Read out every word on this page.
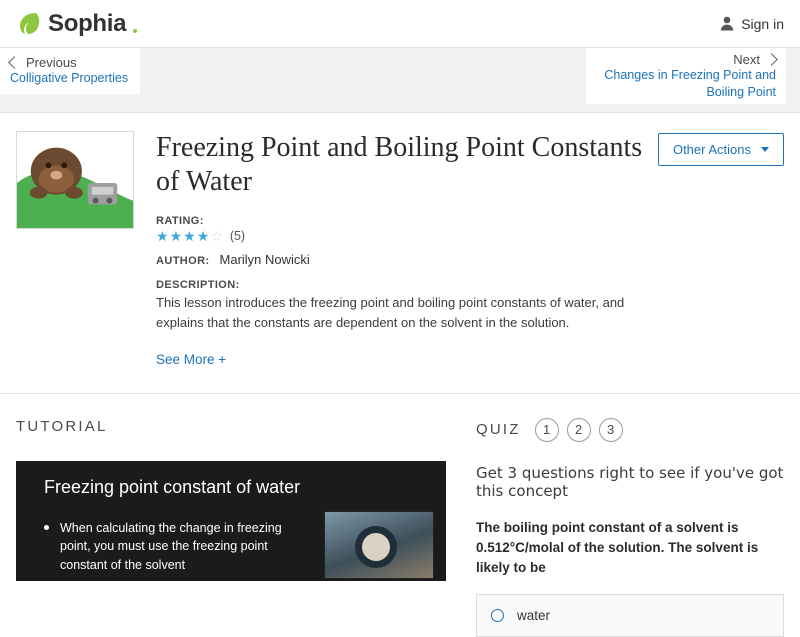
Sophia	Sign in
Previous
Colligative Properties
Next
Changes in Freezing Point and Boiling Point
Freezing Point and Boiling Point Constants of Water
RATING:
★ ★ ★ ★ ☆ (5)
AUTHOR: Marilyn Nowicki
DESCRIPTION:
This lesson introduces the freezing point and boiling point constants of water, and explains that the constants are dependent on the solvent in the solution.
See More +
Other Actions
TUTORIAL
Freezing point constant of water
When calculating the change in freezing point, you must use the freezing point constant of the solvent
QUIZ	1	2	3
Get 3 questions right to see if you've got this concept
The boiling point constant of a solvent is 0.512°C/molal of the solution. The solvent is likely to be
water
